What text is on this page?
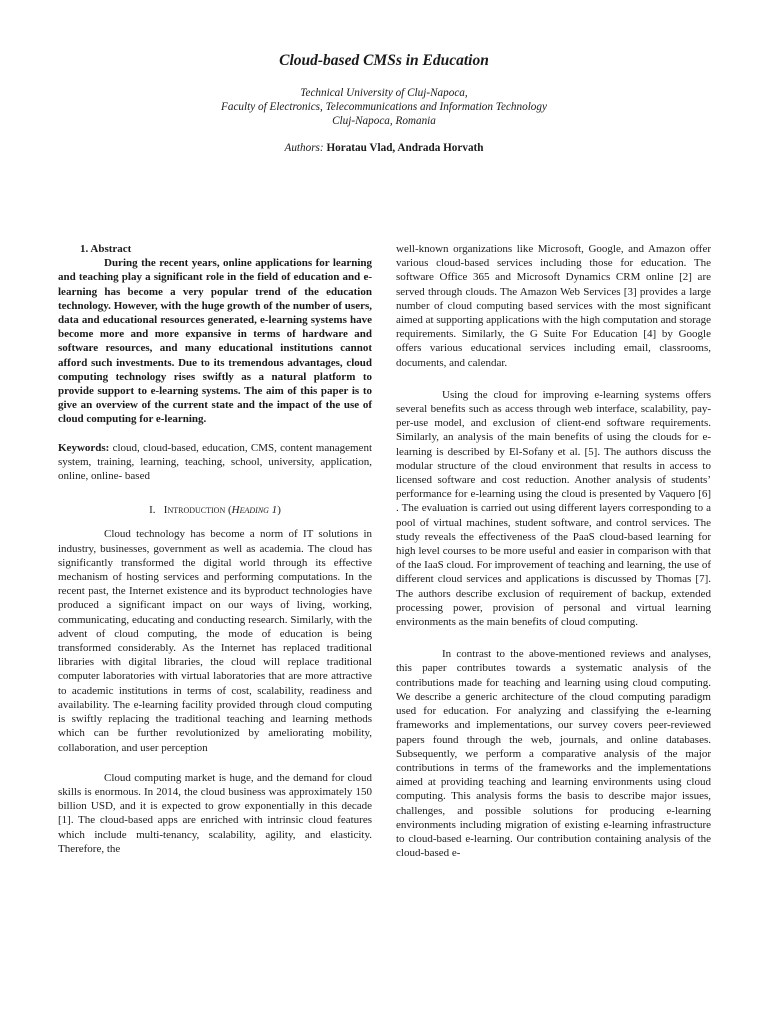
Cloud-based CMSs in Education
Technical University of Cluj-Napoca,
Faculty of Electronics, Telecommunications and Information Technology
Cluj-Napoca, Romania
Authors: Horatau Vlad, Andrada Horvath

1. Abstract

During the recent years, online applications for learning and teaching play a significant role in the field of education and e-learning has become a very popular trend of the education technology. However, with the huge growth of the number of users, data and educational resources generated, e-learning systems have become more and more expansive in terms of hardware and software resources, and many educational institutions cannot afford such investments. Due to its tremendous advantages, cloud computing technology rises swiftly as a natural platform to provide support to e-learning systems. The aim of this paper is to give an overview of the current state and the impact of the use of cloud computing for e-learning.

Keywords: cloud, cloud-based, education, CMS, content management system, training, learning, teaching, school, university, application, online, online- based

I. Introduction (Heading 1)

Cloud technology has become a norm of IT solutions in industry, businesses, government as well as academia. The cloud has significantly transformed the digital world through its effective mechanism of hosting services and performing computations. In the recent past, the Internet existence and its byproduct technologies have produced a significant impact on our ways of living, working, communicating, educating and conducting research. Similarly, with the advent of cloud computing, the mode of education is being transformed considerably. As the Internet has replaced traditional libraries with digital libraries, the cloud will replace traditional computer laboratories with virtual laboratories that are more attractive to academic institutions in terms of cost, scalability, readiness and availability. The e-learning facility provided through cloud computing is swiftly replacing the traditional teaching and learning methods which can be further revolutionized by ameliorating mobility, collaboration, and user perception

Cloud computing market is huge, and the demand for cloud skills is enormous. In 2014, the cloud business was approximately 150 billion USD, and it is expected to grow exponentially in this decade [1]. The cloud-based apps are enriched with intrinsic cloud features which include multi-tenancy, scalability, agility, and elasticity. Therefore, the

well-known organizations like Microsoft, Google, and Amazon offer various cloud-based services including those for education. The software Office 365 and Microsoft Dynamics CRM online [2] are served through clouds. The Amazon Web Services [3] provides a large number of cloud computing based services with the most significant aimed at supporting applications with the high computation and storage requirements. Similarly, the G Suite For Education [4] by Google offers various educational services including email, classrooms, documents, and calendar.

Using the cloud for improving e-learning systems offers several benefits such as access through web interface, scalability, pay-per-use model, and exclusion of client-end software requirements. Similarly, an analysis of the main benefits of using the clouds for e-learning is described by El-Sofany et al. [5]. The authors discuss the modular structure of the cloud environment that results in access to licensed software and cost reduction. Another analysis of students’ performance for e-learning using the cloud is presented by Vaquero [6] . The evaluation is carried out using different layers corresponding to a pool of virtual machines, student software, and control services. The study reveals the effectiveness of the PaaS cloud-based learning for high level courses to be more useful and easier in comparison with that of the IaaS cloud. For improvement of teaching and learning, the use of different cloud services and applications is discussed by Thomas [7]. The authors describe exclusion of requirement of backup, extended processing power, provision of personal and virtual learning environments as the main benefits of cloud computing.

In contrast to the above-mentioned reviews and analyses, this paper contributes towards a systematic analysis of the contributions made for teaching and learning using cloud computing. We describe a generic architecture of the cloud computing paradigm used for education. For analyzing and classifying the e-learning frameworks and implementations, our survey covers peer-reviewed papers found through the web, journals, and online databases. Subsequently, we perform a comparative analysis of the major contributions in terms of the frameworks and the implementations aimed at providing teaching and learning environments using cloud computing. This analysis forms the basis to describe major issues, challenges, and possible solutions for producing e-learning environments including migration of existing e-learning infrastructure to cloud-based e-learning. Our contribution containing analysis of the cloud-based e-
